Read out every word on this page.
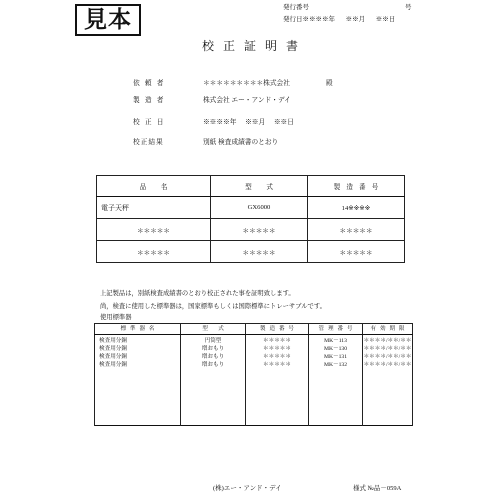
見本	発行番号	号
発行日※※※※年 ※※月 ※※日
校 正 証 明 書
依 頼 者	＊＊＊＊＊＊＊＊＊株式会社	殿
製 造 者	株式会社 エー・アンド・デイ
校 正 日	※※※※年 ※※月 ※※日
校正結果	別紙 検査成績書のとおり
品 名	型 式	製 造 番 号
電子天秤	GX6000	14※※※※
＊＊＊＊＊	＊＊＊＊＊	＊＊＊＊＊
＊＊＊＊＊	＊＊＊＊＊	＊＊＊＊＊
上記製品は，別紙検査成績書のとおり校正された事を証明致します。
尚，検査に使用した標準器は，国家標準もしくは国際標準にトレーサブルです。
使用標準器
標 準 器 名	型 式	製 造 番 号	管 理 番 号	有 効 期 限
検査用分銅	円筒型	＊＊＊＊＊	MK－113	＊＊＊＊/＊＊/＊＊
検査用分銅	増おもり	＊＊＊＊＊	MK－130	＊＊＊＊/＊＊/＊＊
検査用分銅	増おもり	＊＊＊＊＊	MK－131	＊＊＊＊/＊＊/＊＊
検査用分銅	増おもり	＊＊＊＊＊	MK－132	＊＊＊＊/＊＊/＊＊

(株)エー・アンド・デイ	様式 №品－059A
